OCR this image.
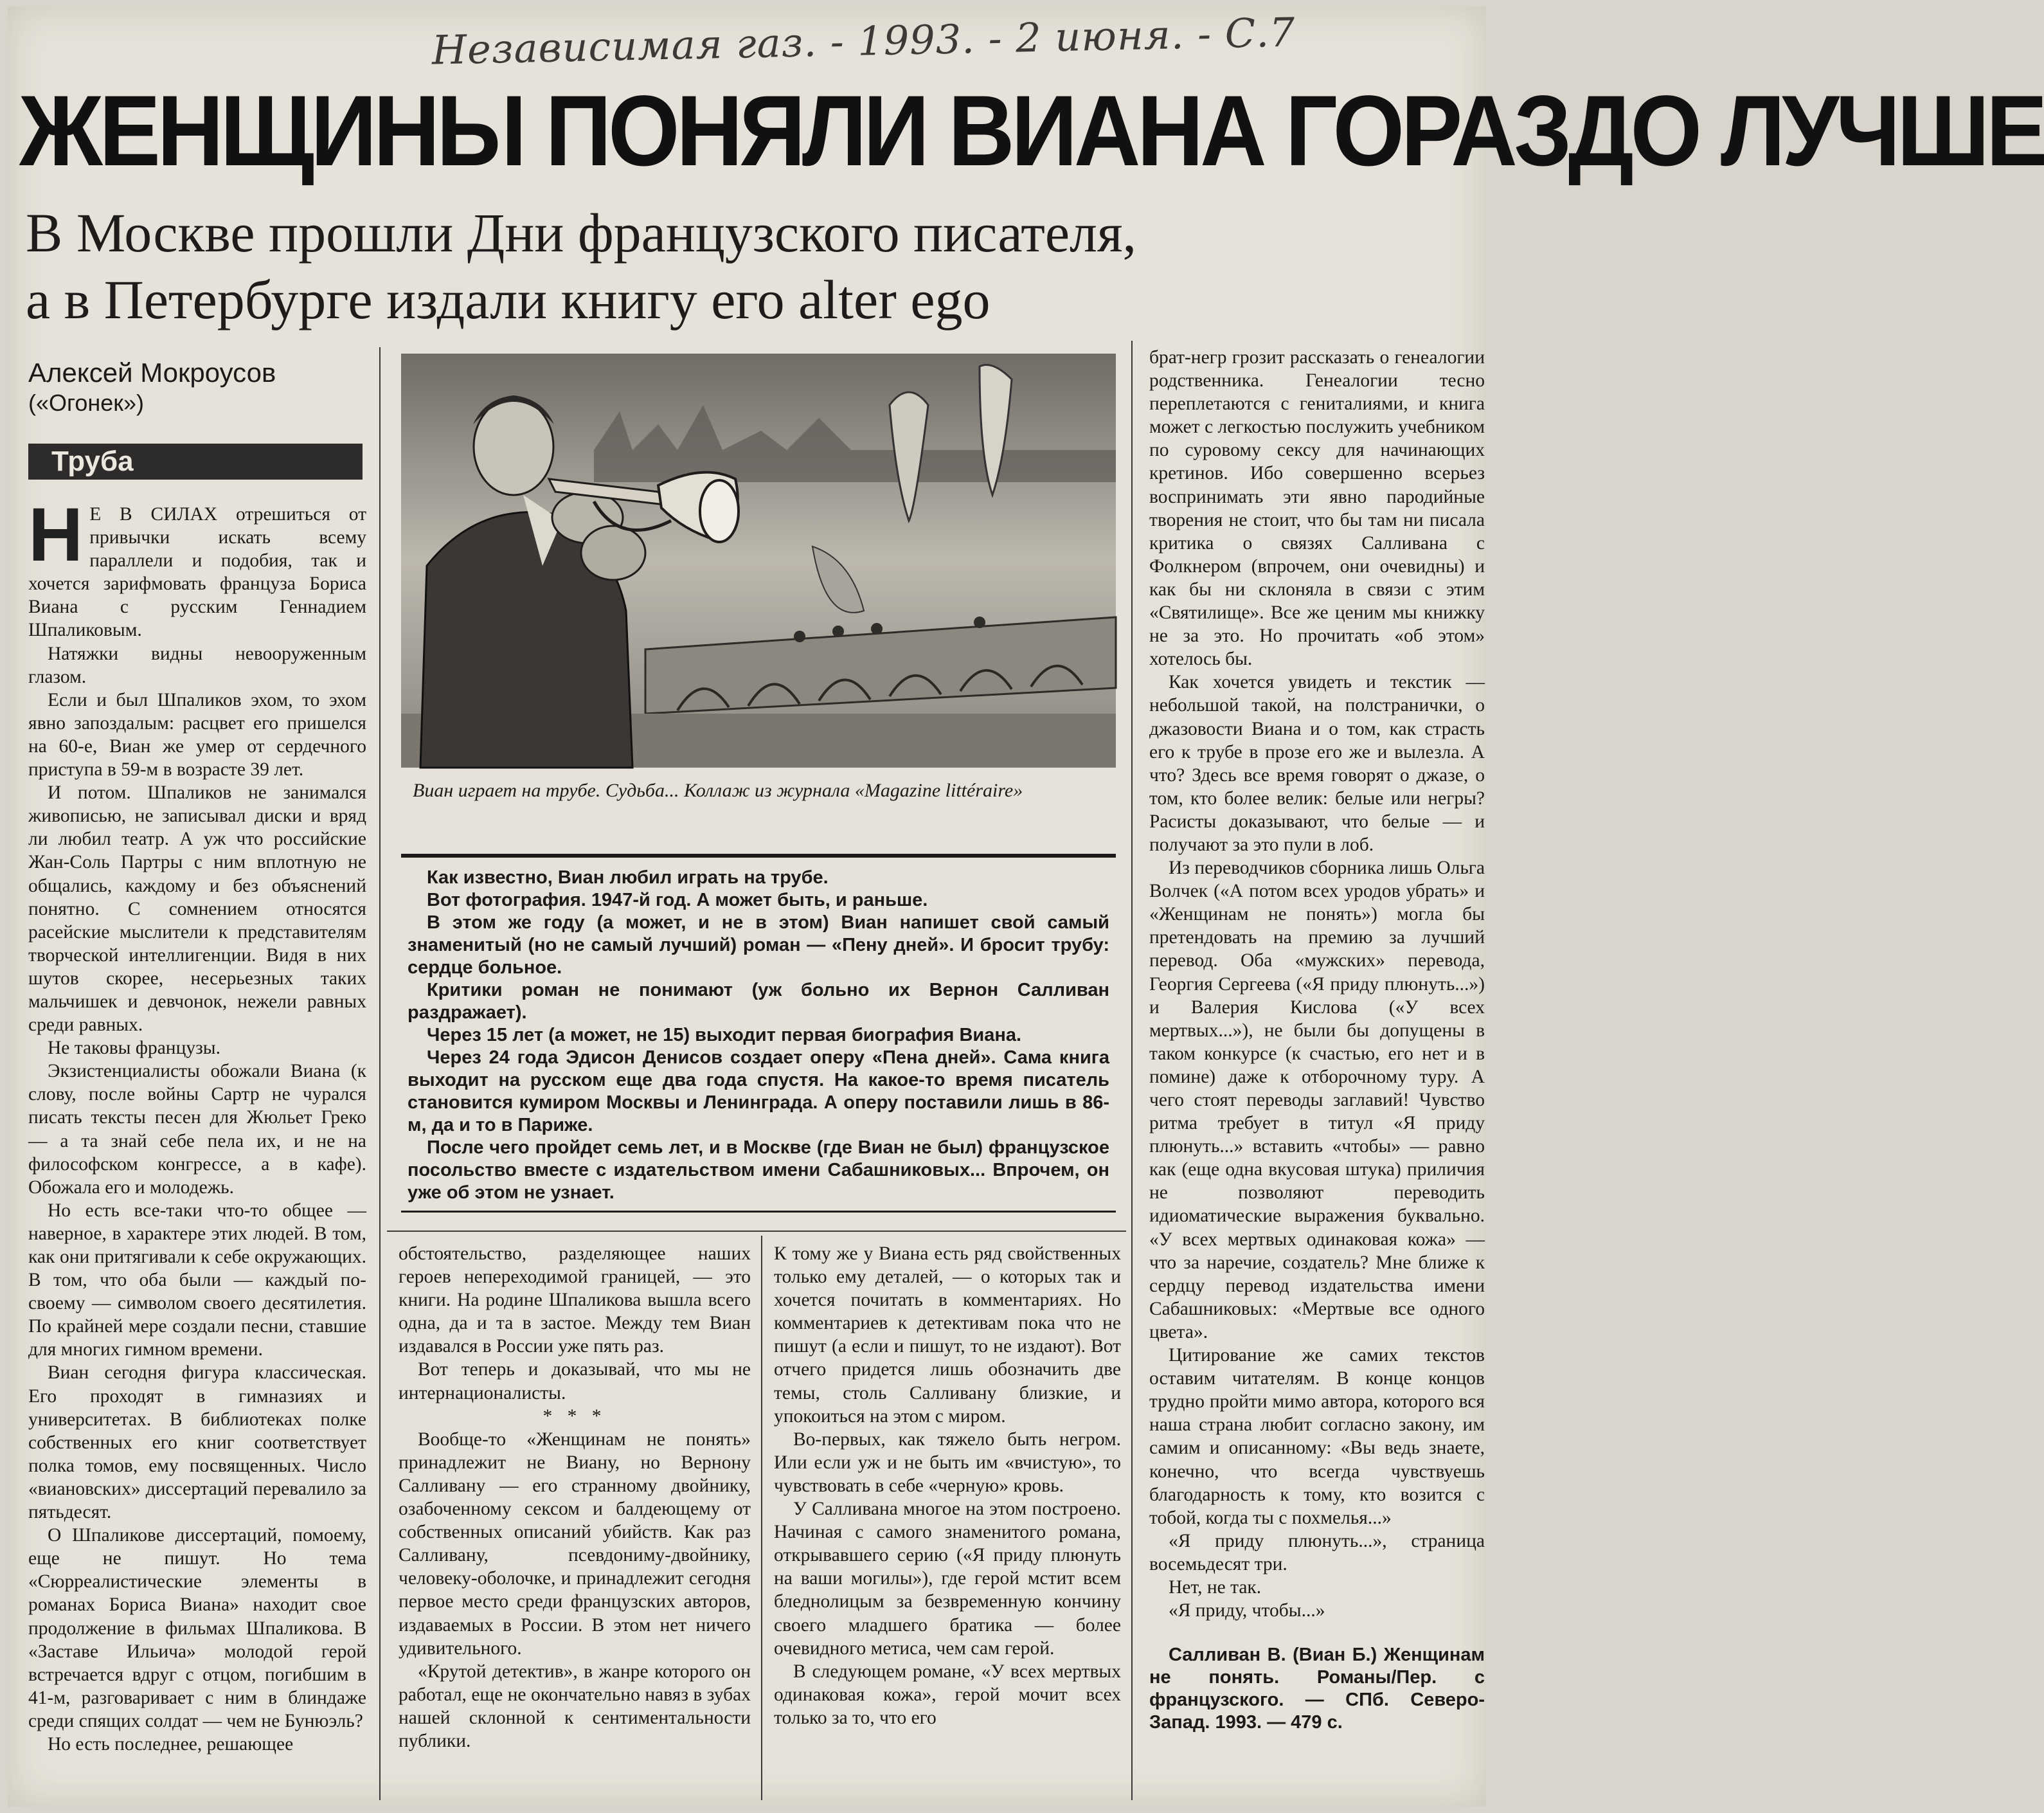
Независимая газ. - 1993. - 2 июня. - С.7
ЖЕНЩИНЫ ПОНЯЛИ ВИАНА ГОРАЗДО ЛУЧШЕ
В Москве прошли Дни французского писателя,
а в Петербурге издали книгу его alter ego
Алексей Мокроусов
(«Огонек»)
Труба

Н Е В СИЛАХ отрешиться от привычки искать всему параллели и подобия, так и хочется зарифмовать француза Бориса Виана с русским Геннадием Шпаликовым.

Натяжки видны невооруженным глазом.

Если и был Шпаликов эхом, то эхом явно запоздалым: расцвет его пришелся на 60-е, Виан же умер от сердечного приступа в 59-м в возрасте 39 лет.

И потом. Шпаликов не занимался живописью, не записывал диски и вряд ли любил театр. А уж что российские Жан-Соль Партры с ним вплотную не общались, каждому и без объяснений понятно. С сомнением относятся расейские мыслители к представителям творческой интеллигенции. Видя в них шутов скорее, несерьезных таких мальчишек и девчонок, нежели равных среди равных.

Не таковы французы.

Экзистенциалисты обожали Виана (к слову, после войны Сартр не чурался писать тексты песен для Жюльет Греко — а та знай себе пела их, и не на философском конгрессе, а в кафе). Обожала его и молодежь.

Но есть все-таки что-то общее — наверное, в характере этих людей. В том, как они притягивали к себе окружающих. В том, что оба были — каждый по-своему — символом своего десятилетия. По крайней мере создали песни, ставшие для многих гимном времени.

Виан сегодня фигура классическая. Его проходят в гимназиях и университетах. В библиотеках полке собственных его книг соответствует полка томов, ему посвященных. Число «виановских» диссертаций перевалило за пятьдесят.

О Шпаликове диссертаций, помоему, еще не пишут. Но тема «Сюрреалистические элементы в романах Бориса Виана» находит свое продолжение в фильмах Шпаликова. В «Заставе Ильича» молодой герой встречается вдруг с отцом, погибшим в 41-м, разговаривает с ним в блиндаже среди спящих солдат — чем не Бунюэль?

Но есть последнее, решающее

Виан играет на трубе. Судьба... Коллаж из журнала «Magazine littéraire»

Как известно, Виан любил играть на трубе.

Вот фотография. 1947-й год. А может быть, и раньше.

В этом же году (а может, и не в этом) Виан напишет свой самый знаменитый (но не самый лучший) роман — «Пену дней». И бросит трубу: сердце больное.

Критики роман не понимают (уж больно их Вернон Салливан раздражает).

Через 15 лет (а может, не 15) выходит первая биография Виана.

Через 24 года Эдисон Денисов создает оперу «Пена дней». Сама книга выходит на русском еще два года спустя. На какое-то время писатель становится кумиром Москвы и Ленинграда. А оперу поставили лишь в 86-м, да и то в Париже.

После чего пройдет семь лет, и в Москве (где Виан не был) французское посольство вместе с издательством имени Сабашниковых... Впрочем, он уже об этом не узнает.

обстоятельство, разделяющее наших героев непереходимой границей, — это книги. На родине Шпаликова вышла всего одна, да и та в застое. Между тем Виан издавался в России уже пять раз.

Вот теперь и доказывай, что мы не интернационалисты.

* * *

Вообще-то «Женщинам не понять» принадлежит не Виану, но Вернону Салливану — его странному двойнику, озабоченному сексом и балдеющему от собственных описаний убийств. Как раз Салливану, псевдониму-двойнику, человеку-оболочке, и принадлежит сегодня первое место среди французских авторов, издаваемых в России. В этом нет ничего удивительного.

«Крутой детектив», в жанре которого он работал, еще не окончательно навяз в зубах нашей склонной к сентиментальности публики.

К тому же у Виана есть ряд свойственных только ему деталей, — о которых так и хочется почитать в комментариях. Но комментариев к детективам пока что не пишут (а если и пишут, то не издают). Вот отчего придется лишь обозначить две темы, столь Салливану близкие, и упокоиться на этом с миром.

Во-первых, как тяжело быть негром. Или если уж и не быть им «вчистую», то чувствовать в себе «черную» кровь.

У Салливана многое на этом построено. Начиная с самого знаменитого романа, открывавшего серию («Я приду плюнуть на ваши могилы»), где герой мстит всем бледнолицым за безвременную кончину своего младшего братика — более очевидного метиса, чем сам герой.

В следующем романе, «У всех мертвых одинаковая кожа», герой мочит всех только за то, что его

брат-негр грозит рассказать о генеалогии родственника. Генеалогии тесно переплетаются с гениталиями, и книга может с легкостью послужить учебником по суровому сексу для начинающих кретинов. Ибо совершенно всерьез воспринимать эти явно пародийные творения не стоит, что бы там ни писала критика о связях Салливана с Фолкнером (впрочем, они очевидны) и как бы ни склоняла в связи с этим «Святилище». Все же ценим мы книжку не за это. Но прочитать «об этом» хотелось бы.

Как хочется увидеть и текстик — небольшой такой, на полстранички, о джазовости Виана и о том, как страсть его к трубе в прозе его же и вылезла. А что? Здесь все время говорят о джазе, о том, кто более велик: белые или негры? Расисты доказывают, что белые — и получают за это пули в лоб.

Из переводчиков сборника лишь Ольга Волчек («А потом всех уродов убрать» и «Женщинам не понять») могла бы претендовать на премию за лучший перевод. Оба «мужских» перевода, Георгия Сергеева («Я приду плюнуть...») и Валерия Кислова («У всех мертвых...»), не были бы допущены в таком конкурсе (к счастью, его нет и в помине) даже к отборочному туру. А чего стоят переводы заглавий! Чувство ритма требует в титул «Я приду плюнуть...» вставить «чтобы» — равно как (еще одна вкусовая штука) приличия не позволяют переводить идиоматические выражения буквально. «У всех мертвых одинаковая кожа» — что за наречие, создатель? Мне ближе к сердцу перевод издательства имени Сабашниковых: «Мертвые все одного цвета».

Цитирование же самих текстов оставим читателям. В конце концов трудно пройти мимо автора, которого вся наша страна любит согласно закону, им самим и описанному: «Вы ведь знаете, конечно, что всегда чувствуешь благодарность к тому, кто возится с тобой, когда ты с похмелья...»

«Я приду плюнуть...», страница восемьдесят три.

Нет, не так.

«Я приду, чтобы...»

Салливан В. (Виан Б.) Женщинам не понять. Романы/Пер. с французского. — СПб. Северо-Запад. 1993. — 479 с.
